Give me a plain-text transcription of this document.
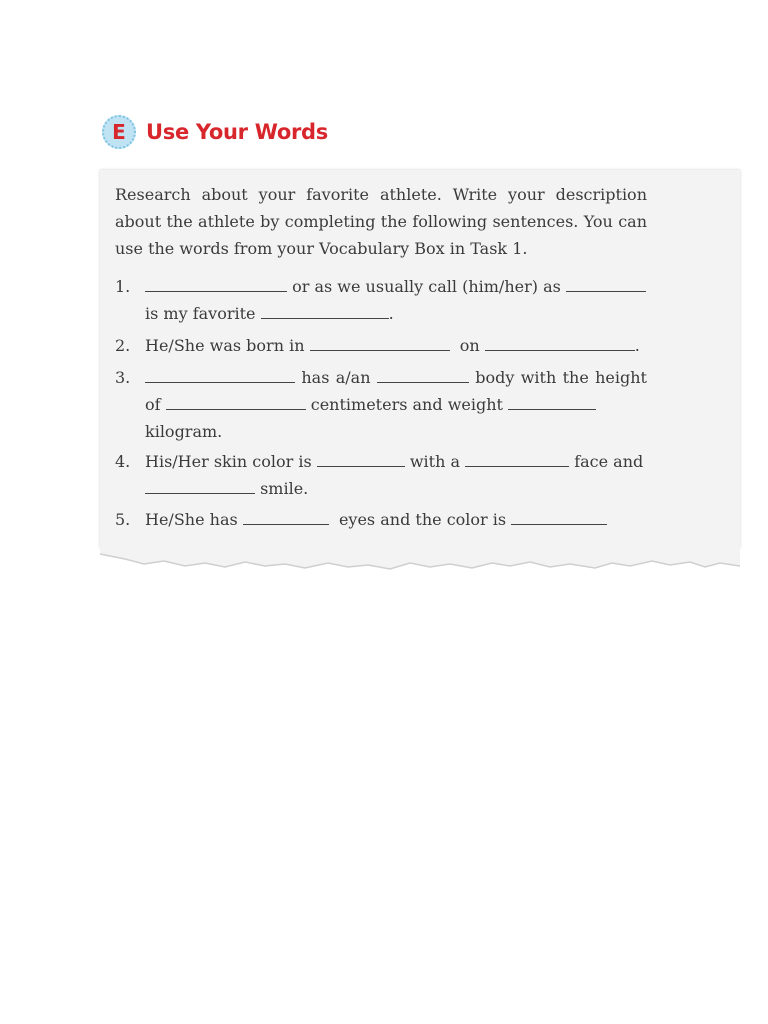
E Use Your Words

Research about your favorite athlete. Write your description about the athlete by completing the following sentences. You can use the words from your Vocabulary Box in Task 1.

1.	or as we usually call (him/her) as
is my favorite	.
2. He/She was born in	on	.
3.	has a/an	body with the height of	centimeters and weight
kilogram.
4. His/Her skin color is	with a	face and
smile.
5. He/She has	eyes and the color is
